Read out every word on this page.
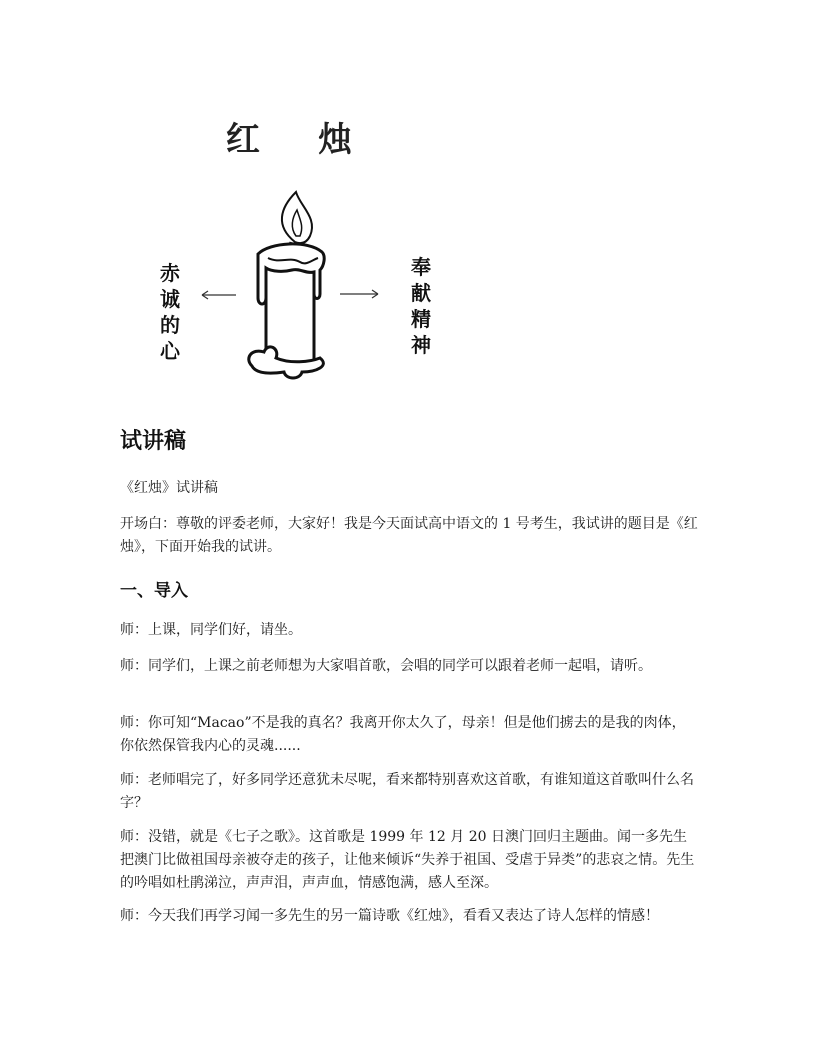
红 烛
赤
诚
的
心
奉
献
精
神
试讲稿
《红烛》试讲稿
开场白：尊敬的评委老师，大家好！我是今天面试高中语文的 1 号考生，我试讲的题目是《红烛》，下面开始我的试讲。
一、导入
师：上课，同学们好，请坐。
师：同学们，上课之前老师想为大家唱首歌，会唱的同学可以跟着老师一起唱，请听。
师：你可知“Macao”不是我的真名？我离开你太久了，母亲！但是他们掳去的是我的肉体，你依然保管我内心的灵魂......
师：老师唱完了，好多同学还意犹未尽呢，看来都特别喜欢这首歌，有谁知道这首歌叫什么名字？
师：没错，就是《七子之歌》。这首歌是 1999 年 12 月 20 日澳门回归主题曲。闻一多先生把澳门比做祖国母亲被夺走的孩子，让他来倾诉“失养于祖国、受虐于异类”的悲哀之情。先生的吟唱如杜鹃涕泣，声声泪，声声血，情感饱满，感人至深。
师：今天我们再学习闻一多先生的另一篇诗歌《红烛》，看看又表达了诗人怎样的情感！
